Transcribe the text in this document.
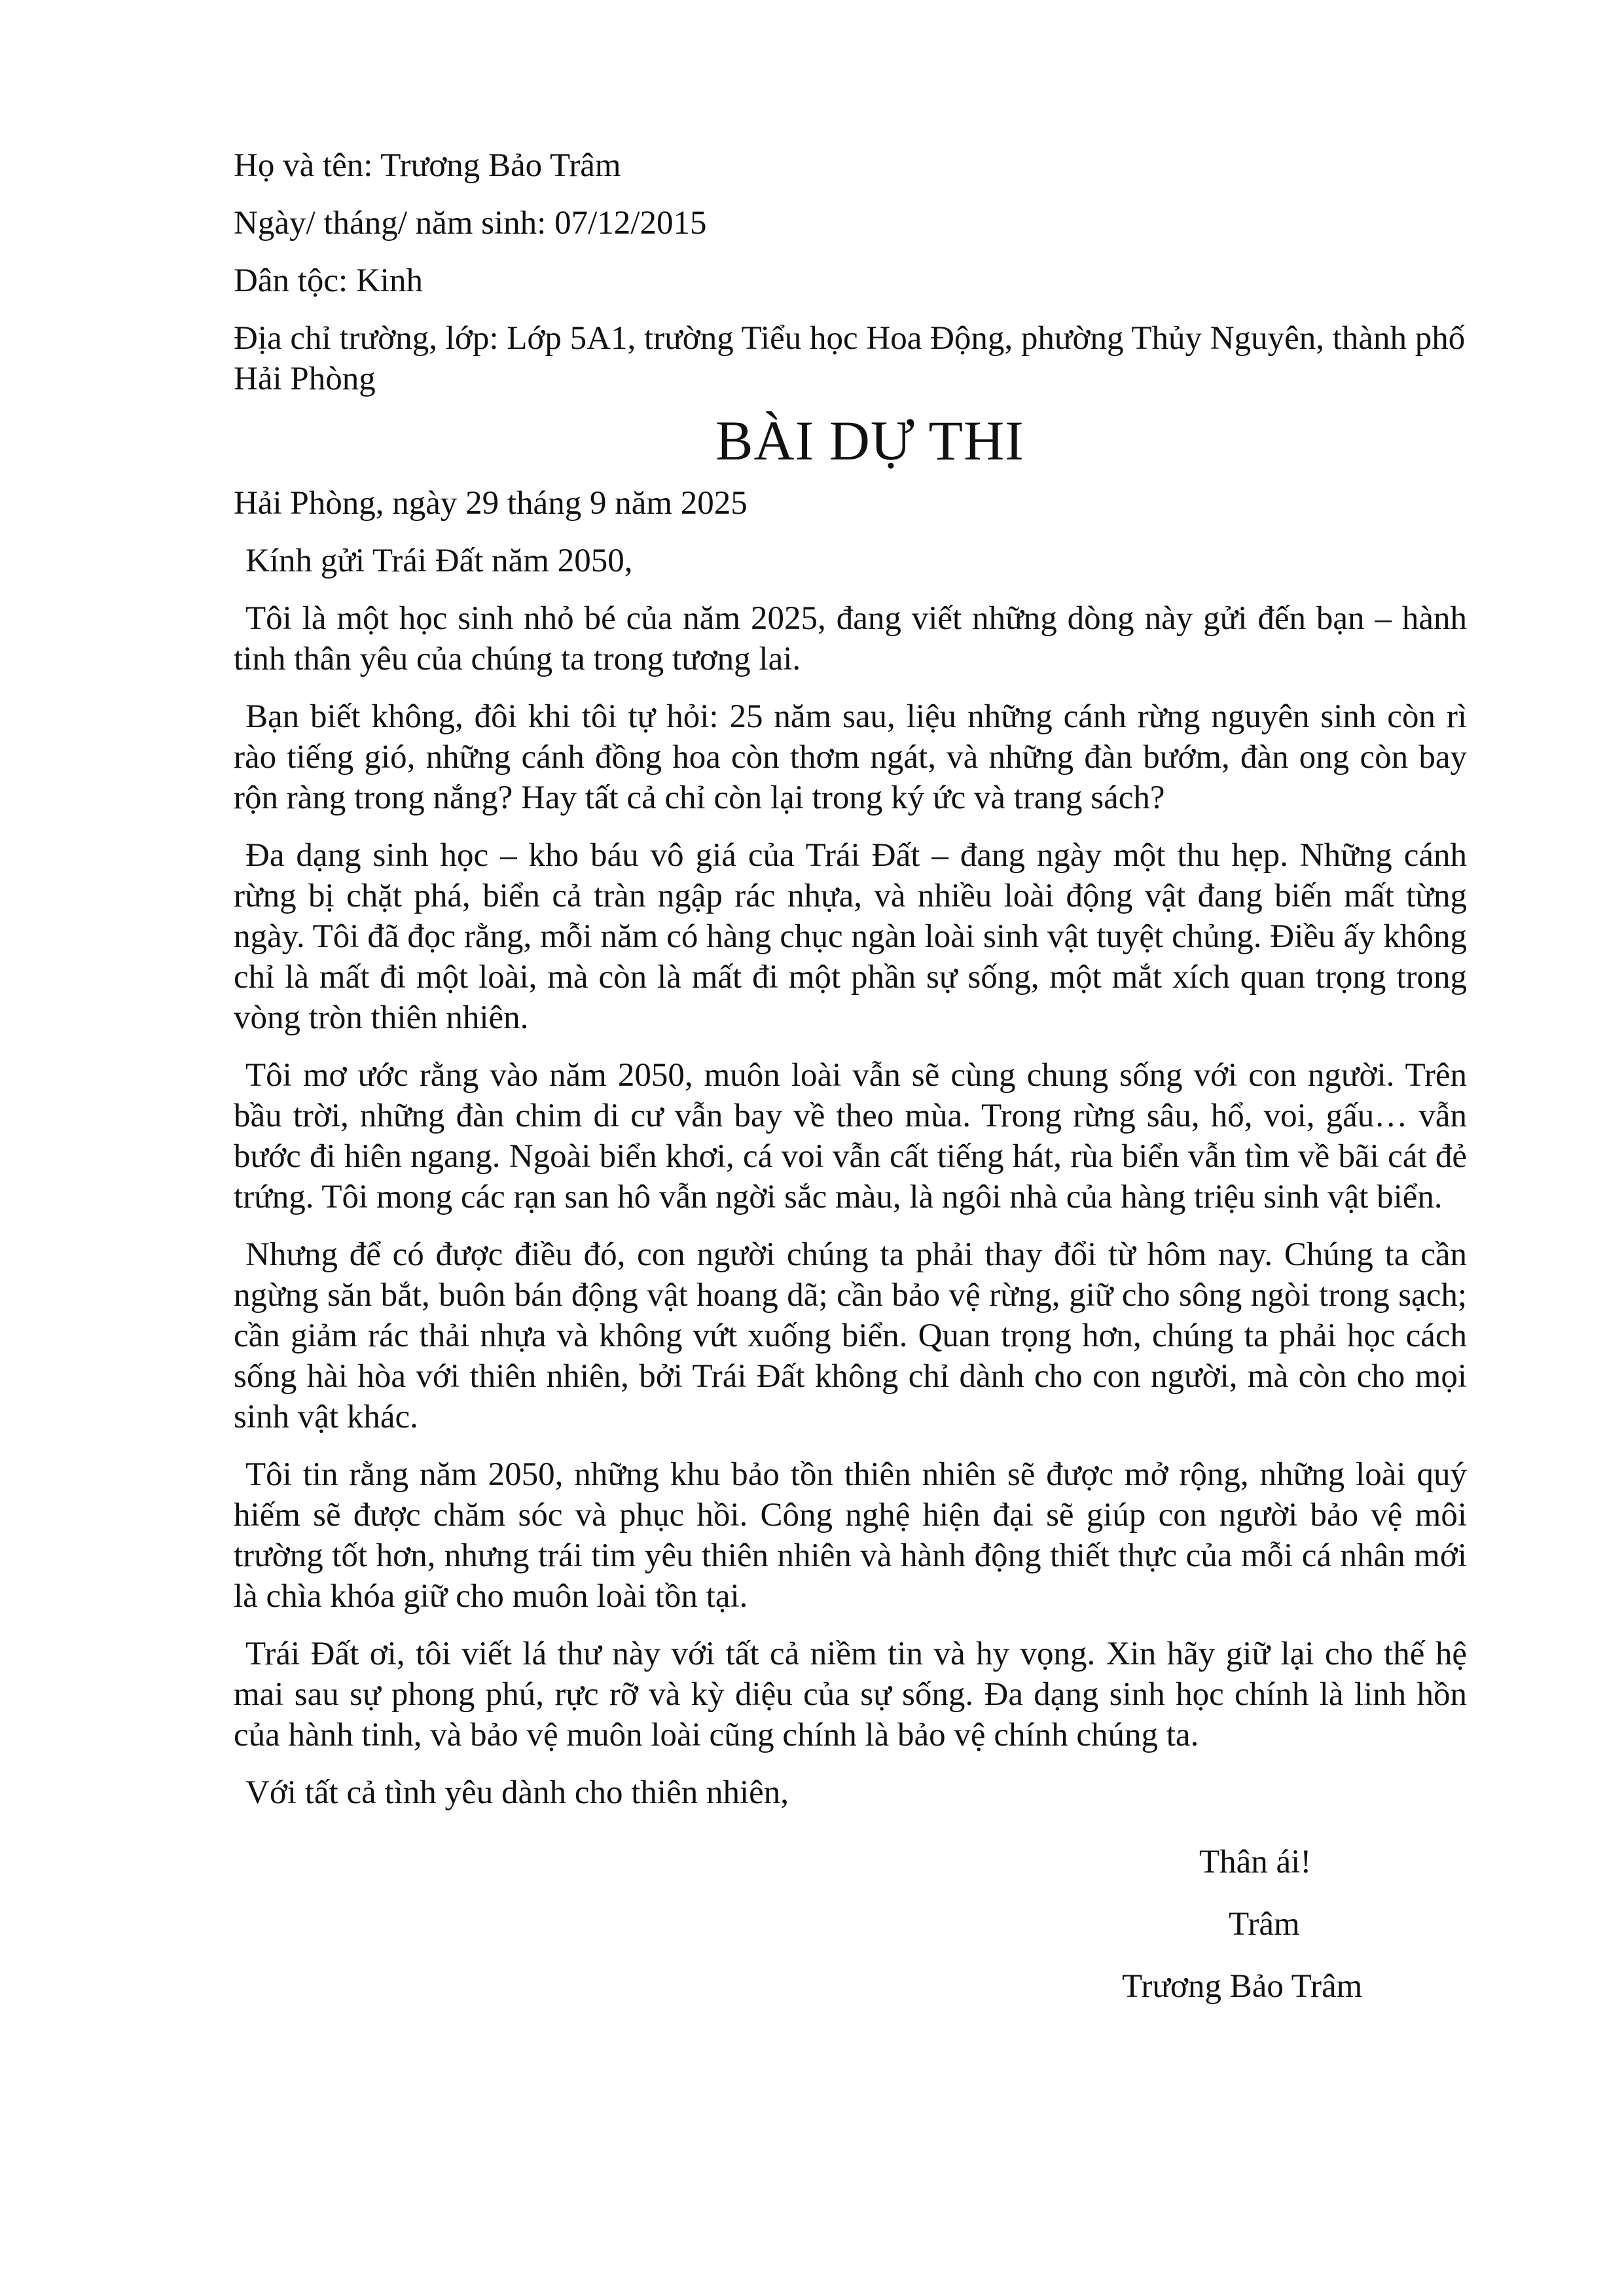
Họ và tên: Trương Bảo Trâm

Ngày/ tháng/ năm sinh: 07/12/2015

Dân tộc: Kinh

Địa chỉ trường, lớp: Lớp 5A1, trường Tiểu học Hoa Động, phường Thủy Nguyên, thành phố Hải Phòng

BÀI DỰ THI

Hải Phòng, ngày 29 tháng 9 năm 2025

Kính gửi Trái Đất năm 2050,

Tôi là một học sinh nhỏ bé của năm 2025, đang viết những dòng này gửi đến bạn – hành tinh thân yêu của chúng ta trong tương lai.

Bạn biết không, đôi khi tôi tự hỏi: 25 năm sau, liệu những cánh rừng nguyên sinh còn rì rào tiếng gió, những cánh đồng hoa còn thơm ngát, và những đàn bướm, đàn ong còn bay rộn ràng trong nắng? Hay tất cả chỉ còn lại trong ký ức và trang sách?

Đa dạng sinh học – kho báu vô giá của Trái Đất – đang ngày một thu hẹp. Những cánh rừng bị chặt phá, biển cả tràn ngập rác nhựa, và nhiều loài động vật đang biến mất từng ngày. Tôi đã đọc rằng, mỗi năm có hàng chục ngàn loài sinh vật tuyệt chủng. Điều ấy không chỉ là mất đi một loài, mà còn là mất đi một phần sự sống, một mắt xích quan trọng trong vòng tròn thiên nhiên.

Tôi mơ ước rằng vào năm 2050, muôn loài vẫn sẽ cùng chung sống với con người. Trên bầu trời, những đàn chim di cư vẫn bay về theo mùa. Trong rừng sâu, hổ, voi, gấu… vẫn bước đi hiên ngang. Ngoài biển khơi, cá voi vẫn cất tiếng hát, rùa biển vẫn tìm về bãi cát đẻ trứng. Tôi mong các rạn san hô vẫn ngời sắc màu, là ngôi nhà của hàng triệu sinh vật biển.

Nhưng để có được điều đó, con người chúng ta phải thay đổi từ hôm nay. Chúng ta cần ngừng săn bắt, buôn bán động vật hoang dã; cần bảo vệ rừng, giữ cho sông ngòi trong sạch; cần giảm rác thải nhựa và không vứt xuống biển. Quan trọng hơn, chúng ta phải học cách sống hài hòa với thiên nhiên, bởi Trái Đất không chỉ dành cho con người, mà còn cho mọi sinh vật khác.

Tôi tin rằng năm 2050, những khu bảo tồn thiên nhiên sẽ được mở rộng, những loài quý hiếm sẽ được chăm sóc và phục hồi. Công nghệ hiện đại sẽ giúp con người bảo vệ môi trường tốt hơn, nhưng trái tim yêu thiên nhiên và hành động thiết thực của mỗi cá nhân mới là chìa khóa giữ cho muôn loài tồn tại.

Trái Đất ơi, tôi viết lá thư này với tất cả niềm tin và hy vọng. Xin hãy giữ lại cho thế hệ mai sau sự phong phú, rực rỡ và kỳ diệu của sự sống. Đa dạng sinh học chính là linh hồn của hành tinh, và bảo vệ muôn loài cũng chính là bảo vệ chính chúng ta.

Với tất cả tình yêu dành cho thiên nhiên,

Thân ái!
Trâm
Trương Bảo Trâm
